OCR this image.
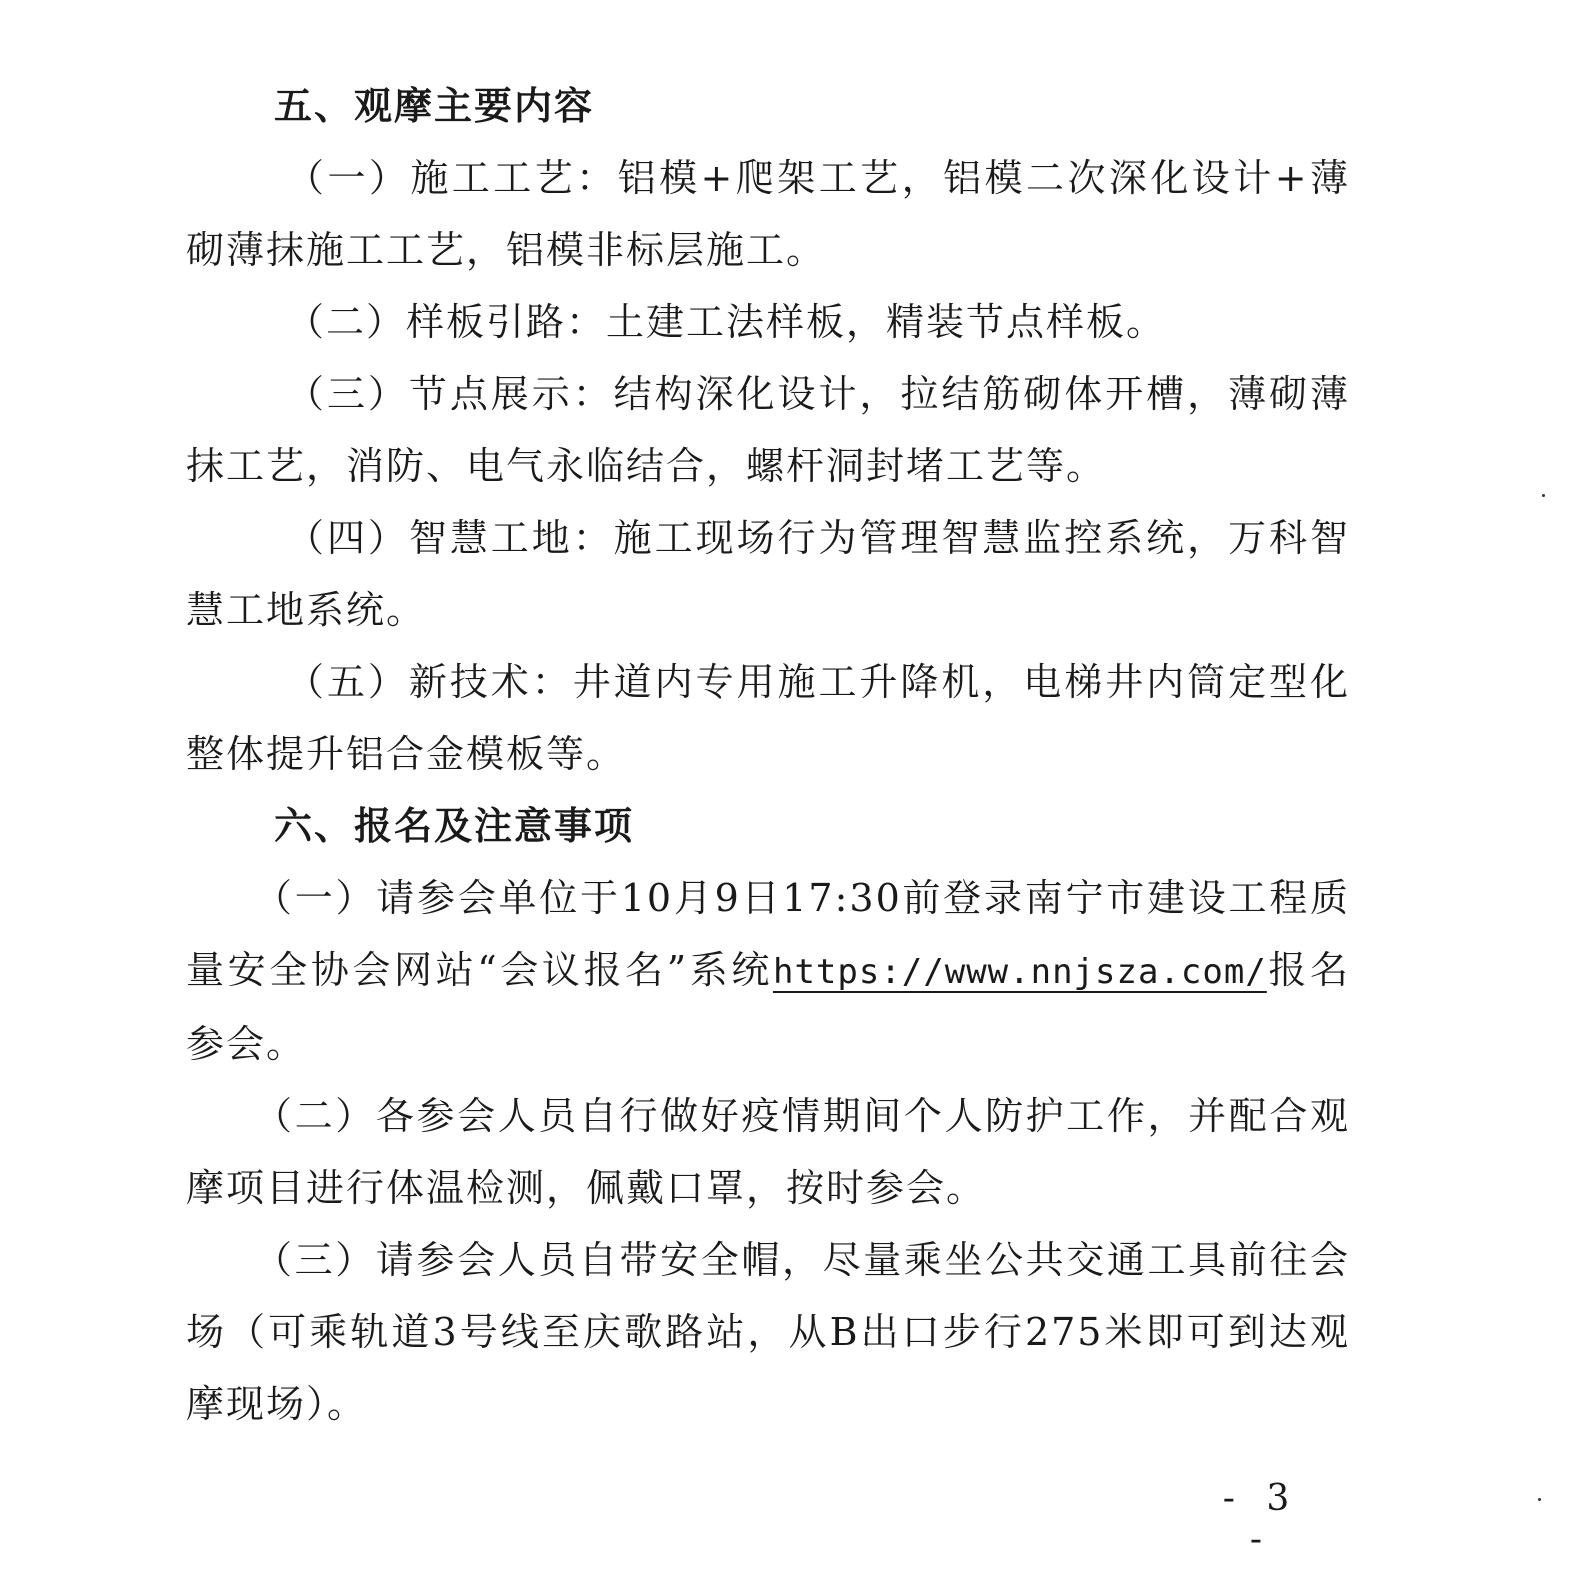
五、观摩主要内容

（一）施工工艺：铝模+爬架工艺，铝模二次深化设计+薄砌薄抹施工工艺，铝模非标层施工。

（二）样板引路：土建工法样板，精装节点样板。

（三）节点展示：结构深化设计，拉结筋砌体开槽，薄砌薄抹工艺，消防、电气永临结合，螺杆洞封堵工艺等。

（四）智慧工地：施工现场行为管理智慧监控系统，万科智慧工地系统。

（五）新技术：井道内专用施工升降机，电梯井内筒定型化整体提升铝合金模板等。

六、报名及注意事项

（一）请参会单位于10月9日17:30前登录南宁市建设工程质量安全协会网站“会议报名”系统https://www.nnjsza.com/报名参会。

（二）各参会人员自行做好疫情期间个人防护工作，并配合观摩项目进行体温检测，佩戴口罩，按时参会。

（三）请参会人员自带安全帽，尽量乘坐公共交通工具前往会场（可乘轨道3号线至庆歌路站，从B出口步行275米即可到达观摩现场）。

- 3 -
